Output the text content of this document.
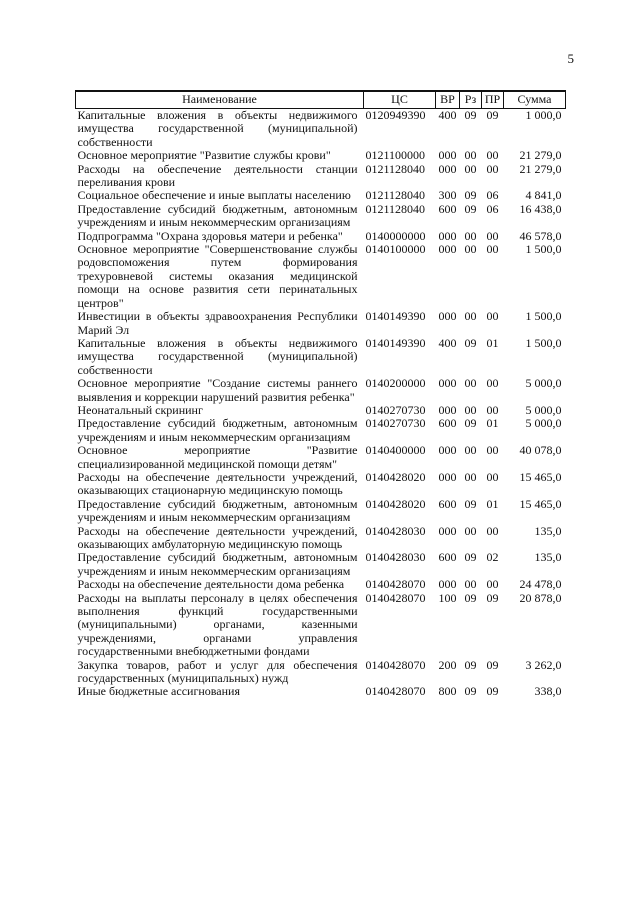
5
Наименование	ЦС	ВР	Рз	ПР	Сумма
Капитальные вложения в объекты недвижимого имущества государственной (муниципальной) собственности	0120949390	400	09	09	1 000,0
Основное мероприятие "Развитие службы крови"	0121100000	000	00	00	21 279,0
Расходы на обеспечение деятельности станции переливания крови	0121128040	000	00	00	21 279,0
Социальное обеспечение и иные выплаты населению	0121128040	300	09	06	4 841,0
Предоставление субсидий бюджетным, автономным учреждениям и иным некоммерческим организациям	0121128040	600	09	06	16 438,0
Подпрограмма "Охрана здоровья матери и ребенка"	0140000000	000	00	00	46 578,0
Основное мероприятие "Совершенствование службы родовспоможения путем формирования трехуровневой системы оказания медицинской помощи на основе развития сети перинатальных центров"	0140100000	000	00	00	1 500,0
Инвестиции в объекты здравоохранения Республики Марий Эл	0140149390	000	00	00	1 500,0
Капитальные вложения в объекты недвижимого имущества государственной (муниципальной) собственности	0140149390	400	09	01	1 500,0
Основное мероприятие "Создание системы раннего выявления и коррекции нарушений развития ребенка"	0140200000	000	00	00	5 000,0
Неонатальный скрининг	0140270730	000	00	00	5 000,0
Предоставление субсидий бюджетным, автономным учреждениям и иным некоммерческим организациям	0140270730	600	09	01	5 000,0
Основное мероприятие "Развитие специализированной медицинской помощи детям"	0140400000	000	00	00	40 078,0
Расходы на обеспечение деятельности учреждений, оказывающих стационарную медицинскую помощь	0140428020	000	00	00	15 465,0
Предоставление субсидий бюджетным, автономным учреждениям и иным некоммерческим организациям	0140428020	600	09	01	15 465,0
Расходы на обеспечение деятельности учреждений, оказывающих амбулаторную медицинскую помощь	0140428030	000	00	00	135,0
Предоставление субсидий бюджетным, автономным учреждениям и иным некоммерческим организациям	0140428030	600	09	02	135,0
Расходы на обеспечение деятельности дома ребенка	0140428070	000	00	00	24 478,0
Расходы на выплаты персоналу в целях обеспечения выполнения функций государственными (муниципальными) органами, казенными учреждениями, органами управления государственными внебюджетными фондами	0140428070	100	09	09	20 878,0
Закупка товаров, работ и услуг для обеспечения государственных (муниципальных) нужд	0140428070	200	09	09	3 262,0
Иные бюджетные ассигнования	0140428070	800	09	09	338,0
